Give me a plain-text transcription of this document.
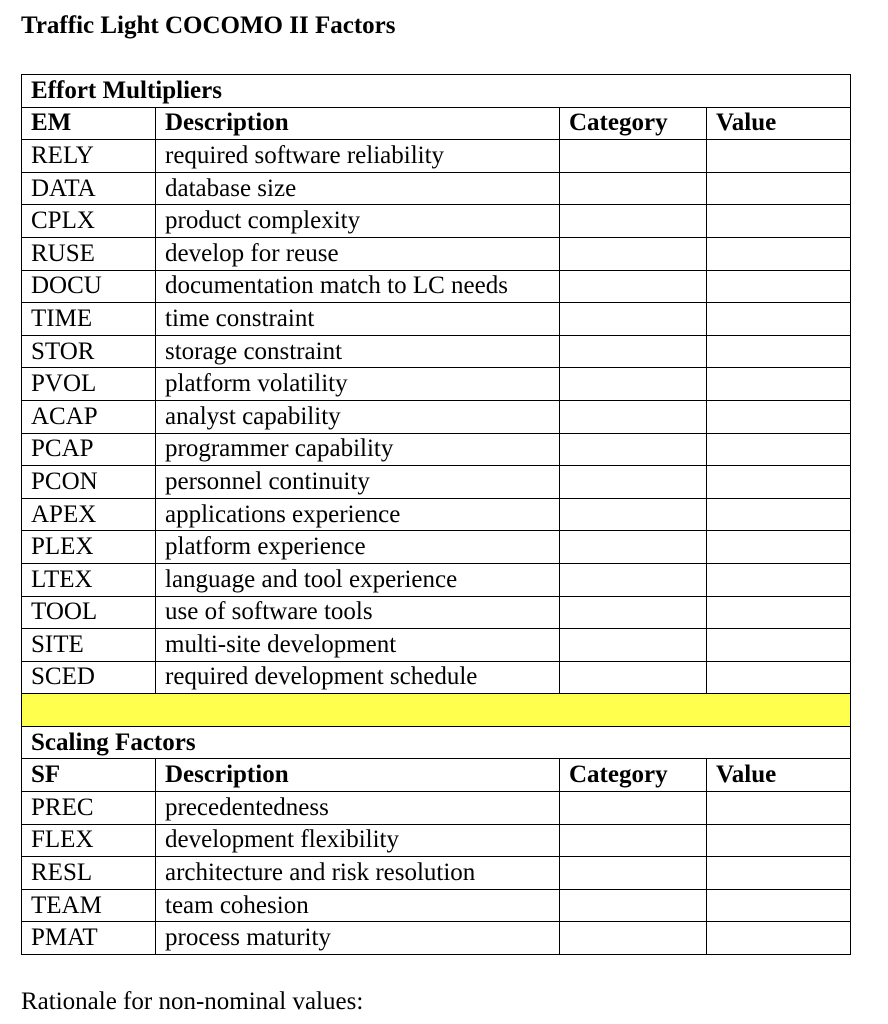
Traffic Light COCOMO II Factors
Effort Multipliers			
EM	Description	Category	Value
RELY	required software reliability		
DATA	database size		
CPLX	product complexity		
RUSE	develop for reuse		
DOCU	documentation match to LC needs		
TIME	time constraint		
STOR	storage constraint		
PVOL	platform volatility		
ACAP	analyst capability		
PCAP	programmer capability		
PCON	personnel continuity		
APEX	applications experience		
PLEX	platform experience		
LTEX	language and tool experience		
TOOL	use of software tools		
SITE	multi-site development		
SCED	required development schedule		

Scaling Factors			
SF	Description	Category	Value
PREC	precedentedness		
FLEX	development flexibility		
RESL	architecture and risk resolution		
TEAM	team cohesion		
PMAT	process maturity		
Rationale for non-nominal values:
